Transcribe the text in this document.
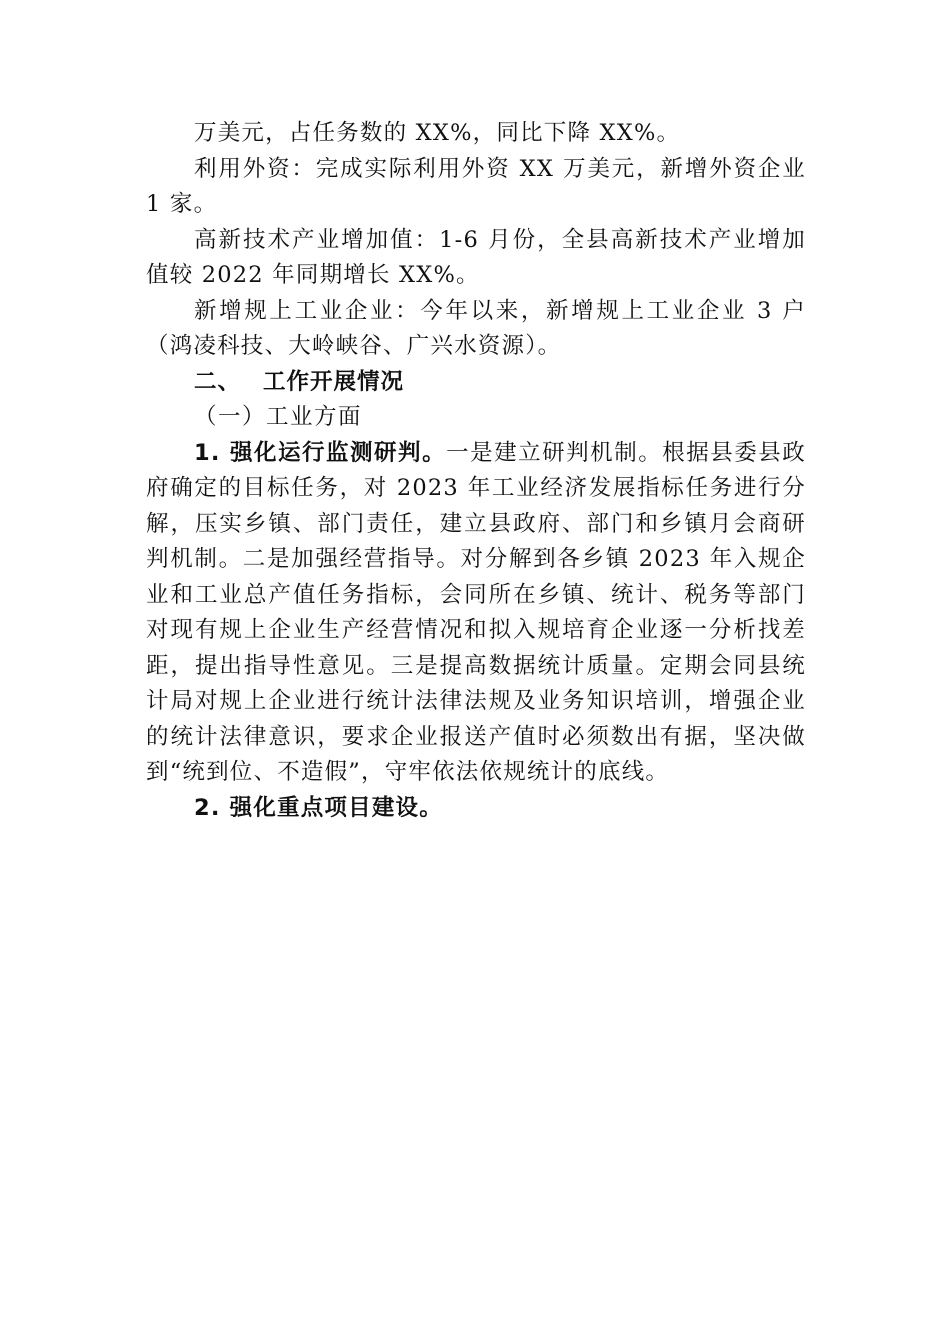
万美元，占任务数的 XX%，同比下降 XX%。

利用外资：完成实际利用外资 XX 万美元，新增外资企业 1 家。

高新技术产业增加值：1-6 月份，全县高新技术产业增加值较 2022 年同期增长 XX%。

新增规上工业企业：今年以来，新增规上工业企业 3 户（鸿凌科技、大岭峡谷、广兴水资源）。

二、 工作开展情况

（一）工业方面

1. 强化运行监测研判。一是建立研判机制。根据县委县政府确定的目标任务，对 2023 年工业经济发展指标任务进行分解，压实乡镇、部门责任，建立县政府、部门和乡镇月会商研判机制。二是加强经营指导。对分解到各乡镇 2023 年入规企业和工业总产值任务指标，会同所在乡镇、统计、税务等部门对现有规上企业生产经营情况和拟入规培育企业逐一分析找差距，提出指导性意见。三是提高数据统计质量。定期会同县统计局对规上企业进行统计法律法规及业务知识培训，增强企业的统计法律意识，要求企业报送产值时必须数出有据，坚决做到“统到位、不造假”，守牢依法依规统计的底线。

2. 强化重点项目建设。
